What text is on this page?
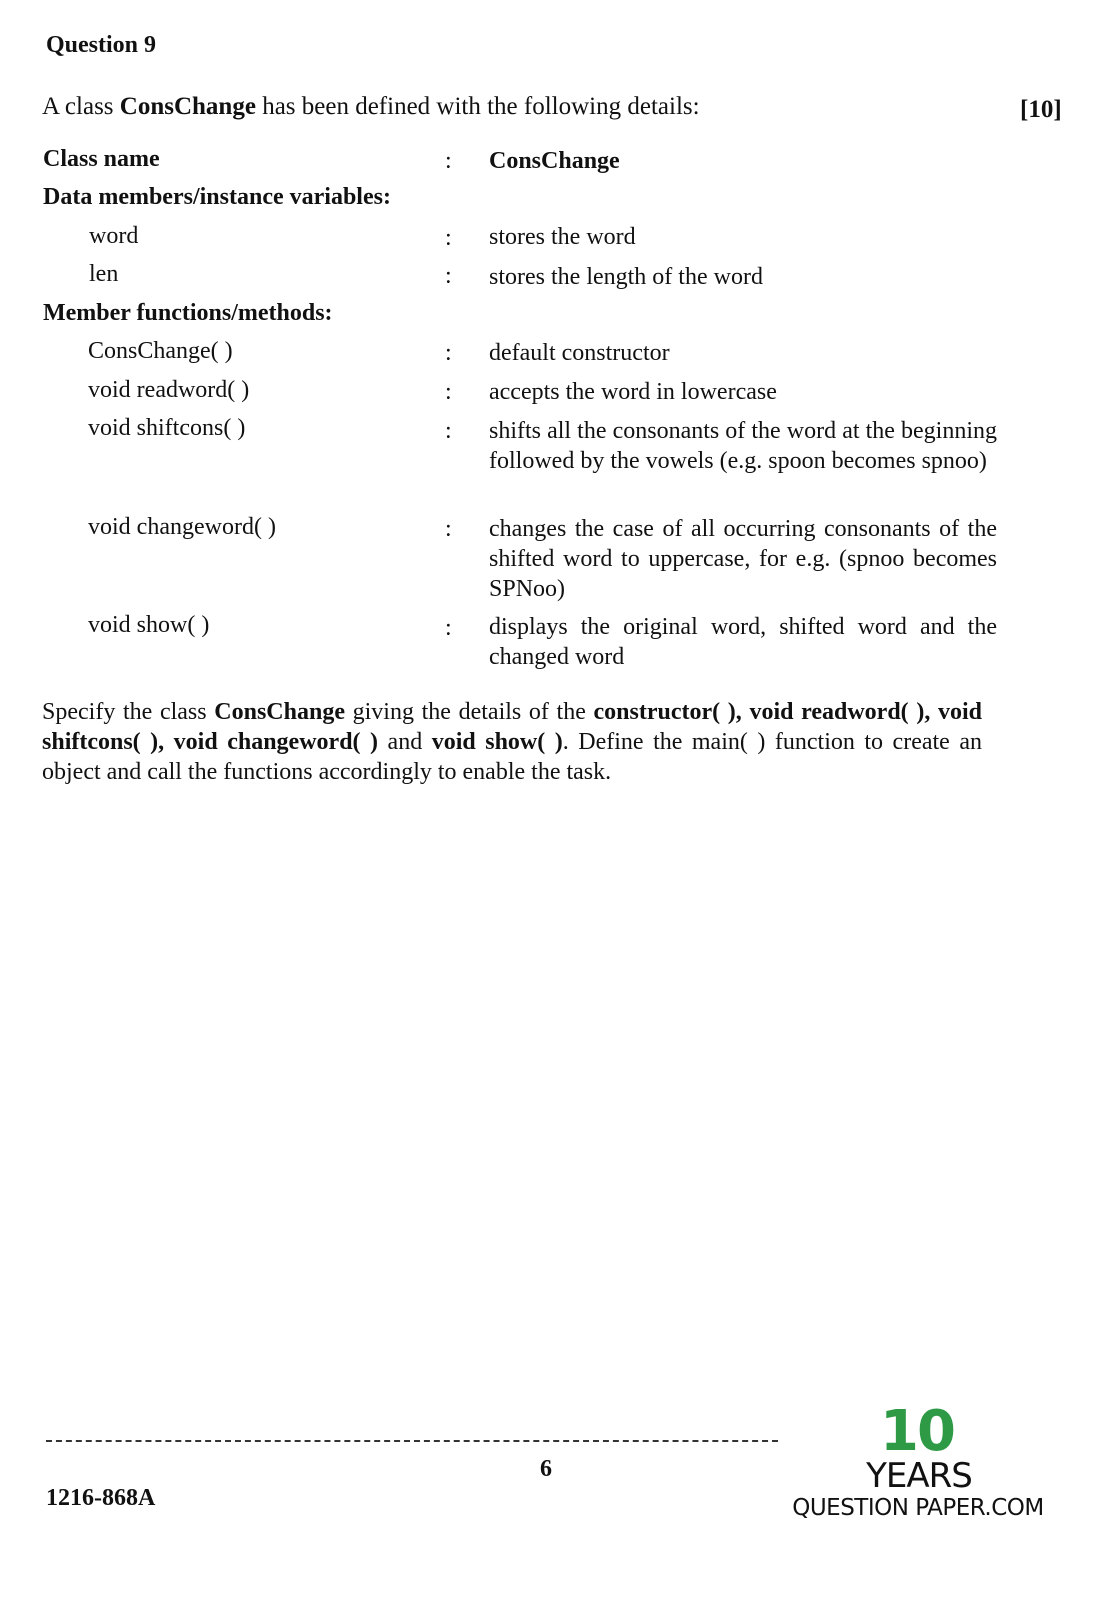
Question 9
A class ConsChange has been defined with the following details:	[10]
Class name	: ConsChange
Data members/instance variables:
word	: stores the word
len	: stores the length of the word
Member functions/methods:
ConsChange( )	: default constructor
void readword( )	: accepts the word in lowercase
void shiftcons( )	: shifts all the consonants of the word at the beginning followed by the vowels (e.g. spoon becomes spnoo)
void changeword( )	: changes the case of all occurring consonants of the shifted word to uppercase, for e.g. (spnoo becomes SPNoo)
void show( )	: displays the original word, shifted word and the changed word
Specify the class ConsChange giving the details of the constructor( ), void readword( ), void shiftcons( ), void changeword( ) and void show( ). Define the main( ) function to create an object and call the functions accordingly to enable the task.
6
1216-868A
10
YEARS
QUESTION PAPER.COM
